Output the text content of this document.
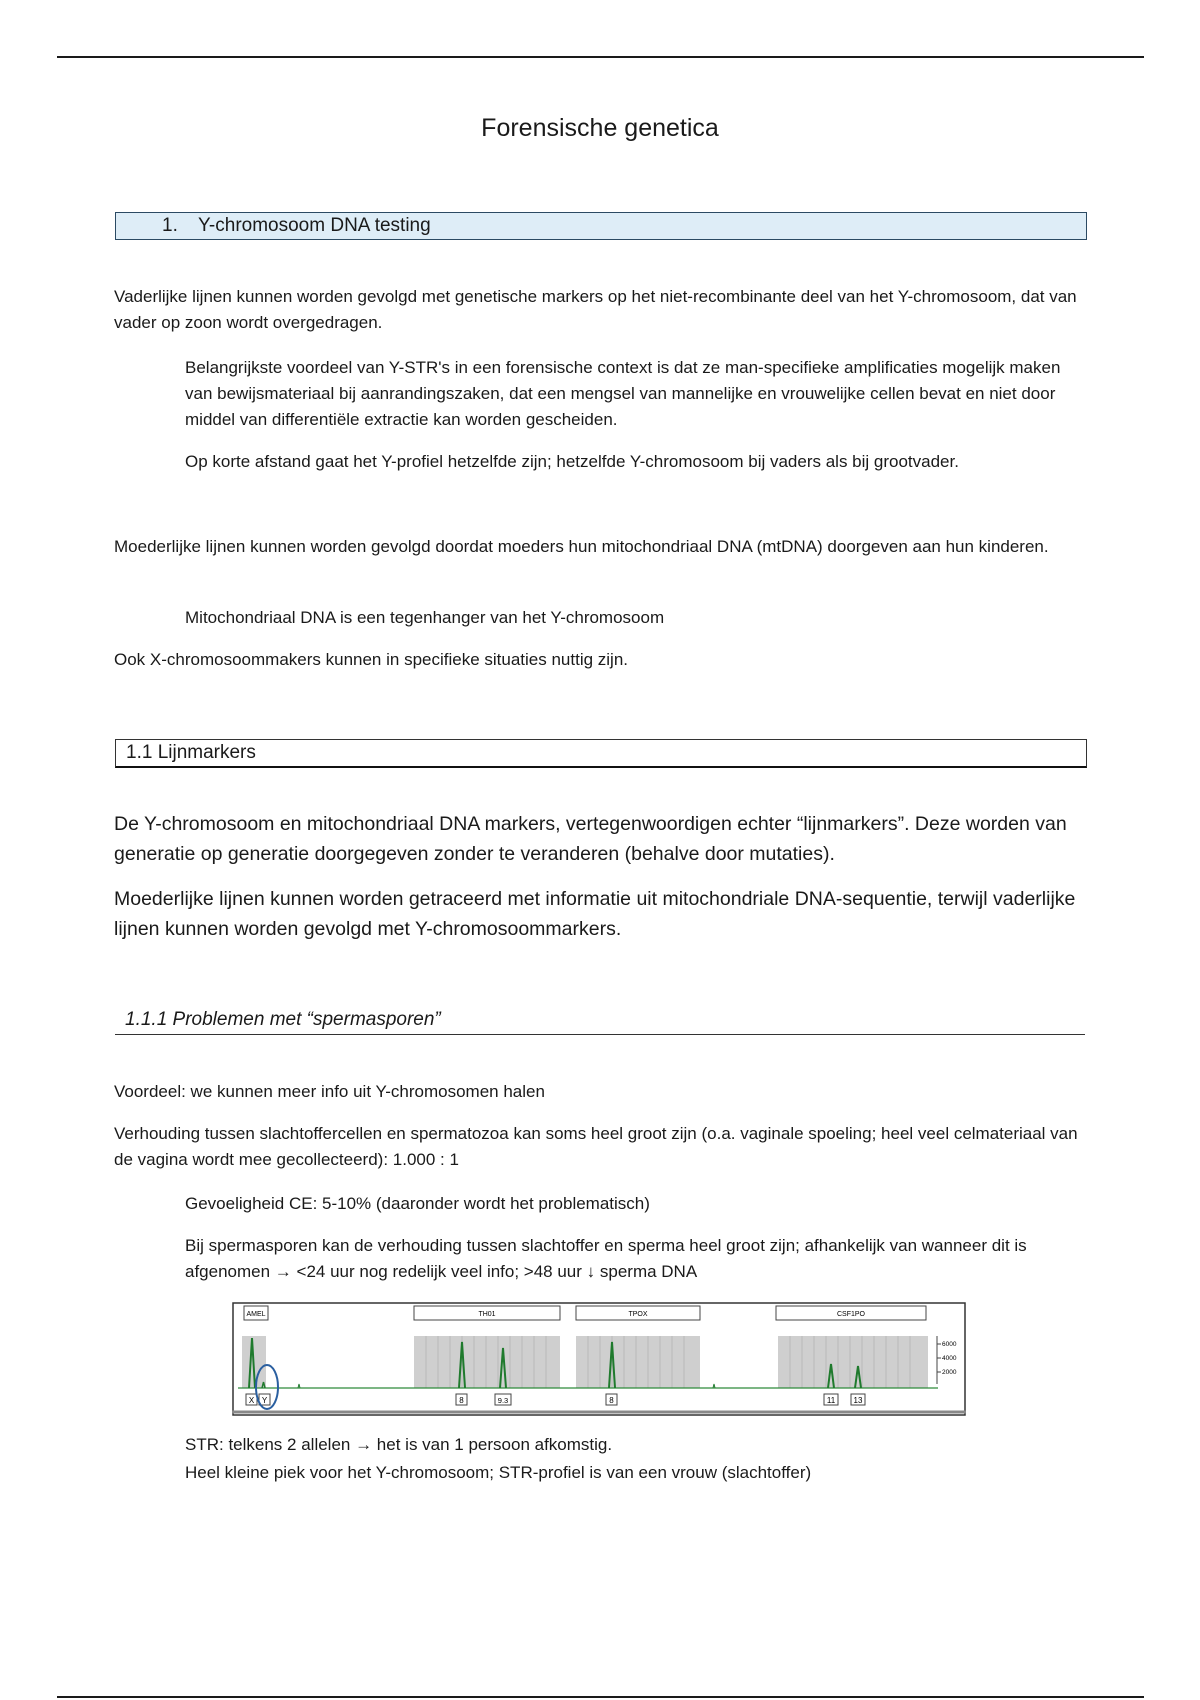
Forensische genetica
1. Y-chromosoom DNA testing

Vaderlijke lijnen kunnen worden gevolgd met genetische markers op het niet-recombinante deel van het Y-chromosoom, dat van vader op zoon wordt overgedragen.

Belangrijkste voordeel van Y-STR's in een forensische context is dat ze man-specifieke amplificaties mogelijk maken van bewijsmateriaal bij aanrandingszaken, dat een mengsel van mannelijke en vrouwelijke cellen bevat en niet door middel van differentiële extractie kan worden gescheiden.

Op korte afstand gaat het Y-profiel hetzelfde zijn; hetzelfde Y-chromosoom bij vaders als bij grootvader.

Moederlijke lijnen kunnen worden gevolgd doordat moeders hun mitochondriaal DNA (mtDNA) doorgeven aan hun kinderen.

Mitochondriaal DNA is een tegenhanger van het Y-chromosoom

Ook X-chromosoommakers kunnen in specifieke situaties nuttig zijn.

1.1 Lijnmarkers

De Y-chromosoom en mitochondriaal DNA markers, vertegenwoordigen echter “lijnmarkers”. Deze worden van generatie op generatie doorgegeven zonder te veranderen (behalve door mutaties).

Moederlijke lijnen kunnen worden getraceerd met informatie uit mitochondriale DNA-sequentie, terwijl vaderlijke lijnen kunnen worden gevolgd met Y-chromosoommarkers.

1.1.1 Problemen met “spermasporen”

Voordeel: we kunnen meer info uit Y-chromosomen halen

Verhouding tussen slachtoffercellen en spermatozoa kan soms heel groot zijn (o.a. vaginale spoeling; heel veel celmateriaal van de vagina wordt mee gecollecteerd): 1.000 : 1

Gevoeligheid CE: 5-10% (daaronder wordt het problematisch)

Bij spermasporen kan de verhouding tussen slachtoffer en sperma heel groot zijn; afhankelijk van wanneer dit is afgenomen → <24 uur nog redelijk veel info; >48 uur ↓ sperma DNA

AMEL	TH01	TPOX	CSF1PO
6000
4000
2000
X Y	8	9.3	8	11 13

STR: telkens 2 allelen → het is van 1 persoon afkomstig.

Heel kleine piek voor het Y-chromosoom; STR-profiel is van een vrouw (slachtoffer)
